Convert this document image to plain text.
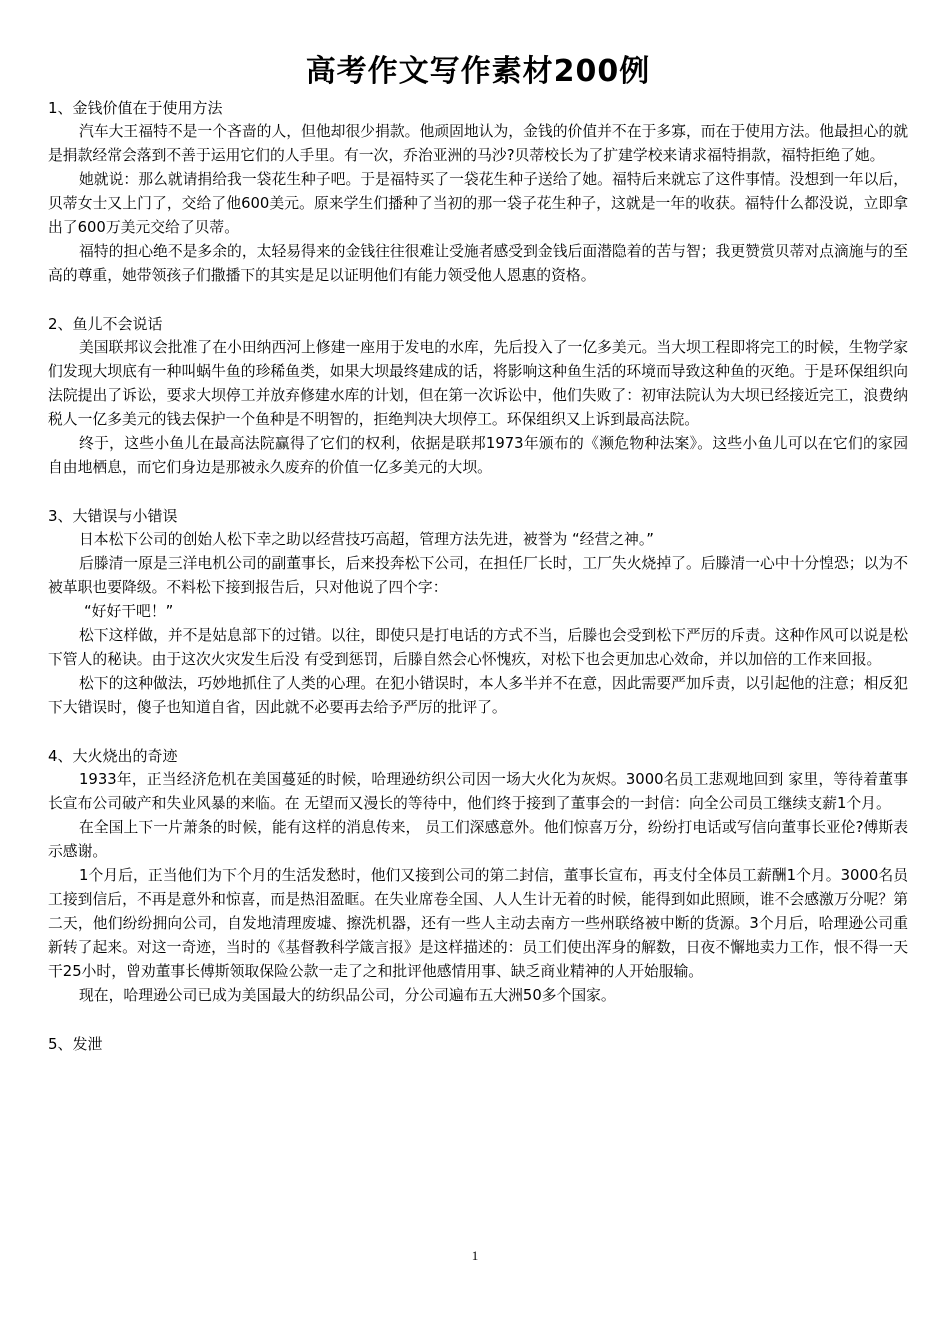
高考作文写作素材200例

1、金钱价值在于使用方法

汽车大王福特不是一个吝啬的人，但他却很少捐款。他顽固地认为，金钱的价值并不在于多寡，而在于使用方法。他最担心的就是捐款经常会落到不善于运用它们的人手里。有一次，乔治亚洲的马沙?贝蒂校长为了扩建学校来请求福特捐款，福特拒绝了她。

她就说：那么就请捐给我一袋花生种子吧。于是福特买了一袋花生种子送给了她。福特后来就忘了这件事情。没想到一年以后，贝蒂女士又上门了，交给了他600美元。原来学生们播种了当初的那一袋子花生种子，这就是一年的收获。福特什么都没说，立即拿出了600万美元交给了贝蒂。

福特的担心绝不是多余的，太轻易得来的金钱往往很难让受施者感受到金钱后面潜隐着的苦与智；我更赞赏贝蒂对点滴施与的至高的尊重，她带领孩子们撒播下的其实是足以证明他们有能力领受他人恩惠的资格。

2、鱼儿不会说话

美国联邦议会批准了在小田纳西河上修建一座用于发电的水库，先后投入了一亿多美元。当大坝工程即将完工的时候，生物学家们发现大坝底有一种叫蜗牛鱼的珍稀鱼类，如果大坝最终建成的话，将影响这种鱼生活的环境而导致这种鱼的灭绝。于是环保组织向法院提出了诉讼，要求大坝停工并放弃修建水库的计划，但在第一次诉讼中，他们失败了：初审法院认为大坝已经接近完工，浪费纳税人一亿多美元的钱去保护一个鱼种是不明智的，拒绝判决大坝停工。环保组织又上诉到最高法院。

终于，这些小鱼儿在最高法院赢得了它们的权利，依据是联邦1973年颁布的《濒危物种法案》。这些小鱼儿可以在它们的家园自由地栖息，而它们身边是那被永久废弃的价值一亿多美元的大坝。

3、大错误与小错误

日本松下公司的创始人松下幸之助以经营技巧高超，管理方法先进，被誉为 “经营之神。”

后滕清一原是三洋电机公司的副董事长，后来投奔松下公司，在担任厂长时，工厂失火烧掉了。后滕清一心中十分惶恐；以为不被革职也要降级。不料松下接到报告后，只对他说了四个字：

“好好干吧！”

松下这样做，并不是姑息部下的过错。以往，即使只是打电话的方式不当，后滕也会受到松下严厉的斥责。这种作风可以说是松下管人的秘诀。由于这次火灾发生后没 有受到惩罚，后滕自然会心怀愧疚，对松下也会更加忠心效命，并以加倍的工作来回报。

松下的这种做法，巧妙地抓住了人类的心理。在犯小错误时，本人多半并不在意，因此需要严加斥责，以引起他的注意；相反犯下大错误时，傻子也知道自省，因此就不必要再去给予严厉的批评了。

4、大火烧出的奇迹

1933年，正当经济危机在美国蔓延的时候，哈理逊纺织公司因一场大火化为灰烬。3000名员工悲观地回到 家里，等待着董事长宣布公司破产和失业风暴的来临。在 无望而又漫长的等待中，他们终于接到了董事会的一封信：向全公司员工继续支薪1个月。

在全国上下一片萧条的时候，能有这样的消息传来， 员工们深感意外。他们惊喜万分，纷纷打电话或写信向董事长亚伦?傅斯表示感谢。

1个月后，正当他们为下个月的生活发愁时，他们又接到公司的第二封信，董事长宣布，再支付全体员工薪酬1个月。3000名员工接到信后，不再是意外和惊喜，而是热泪盈眶。在失业席卷全国、人人生计无着的时候，能得到如此照顾，谁不会感激万分呢？第二天，他们纷纷拥向公司，自发地清理废墟、擦洗机器，还有一些人主动去南方一些州联络被中断的货源。3个月后，哈理逊公司重新转了起来。对这一奇迹，当时的《基督教科学箴言报》是这样描述的：员工们使出浑身的解数，日夜不懈地卖力工作，恨不得一天干25小时，曾劝董事长傅斯领取保险公款一走了之和批评他感情用事、缺乏商业精神的人开始服输。

现在，哈理逊公司已成为美国最大的纺织品公司，分公司遍布五大洲50多个国家。

5、发泄

1
